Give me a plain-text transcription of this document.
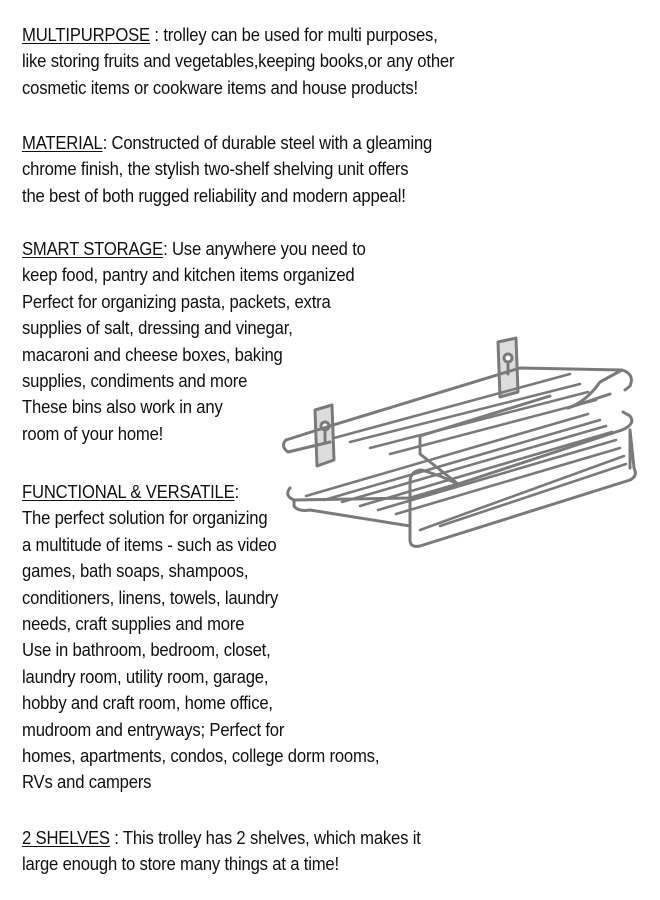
MULTIPURPOSE : trolley can be used for multi purposes,
like storing fruits and vegetables,keeping books,or any other
cosmetic items or cookware items and house products!
MATERIAL: Constructed of durable steel with a gleaming
chrome finish, the stylish two-shelf shelving unit offers
the best of both rugged reliability and modern appeal!
SMART STORAGE: Use anywhere you need to
keep food, pantry and kitchen items organized
Perfect for organizing pasta, packets, extra
supplies of salt, dressing and vinegar,
macaroni and cheese boxes, baking
supplies, condiments and more
These bins also work in any
room of your home!
FUNCTIONAL & VERSATILE:
The perfect solution for organizing
a multitude of items - such as video
games, bath soaps, shampoos,
conditioners, linens, towels, laundry
needs, craft supplies and more
Use in bathroom, bedroom, closet,
laundry room, utility room, garage,
hobby and craft room, home office,
mudroom and entryways; Perfect for
homes, apartments, condos, college dorm rooms,
RVs and campers
2 SHELVES : This trolley has 2 shelves, which makes it
large enough to store many things at a time!
